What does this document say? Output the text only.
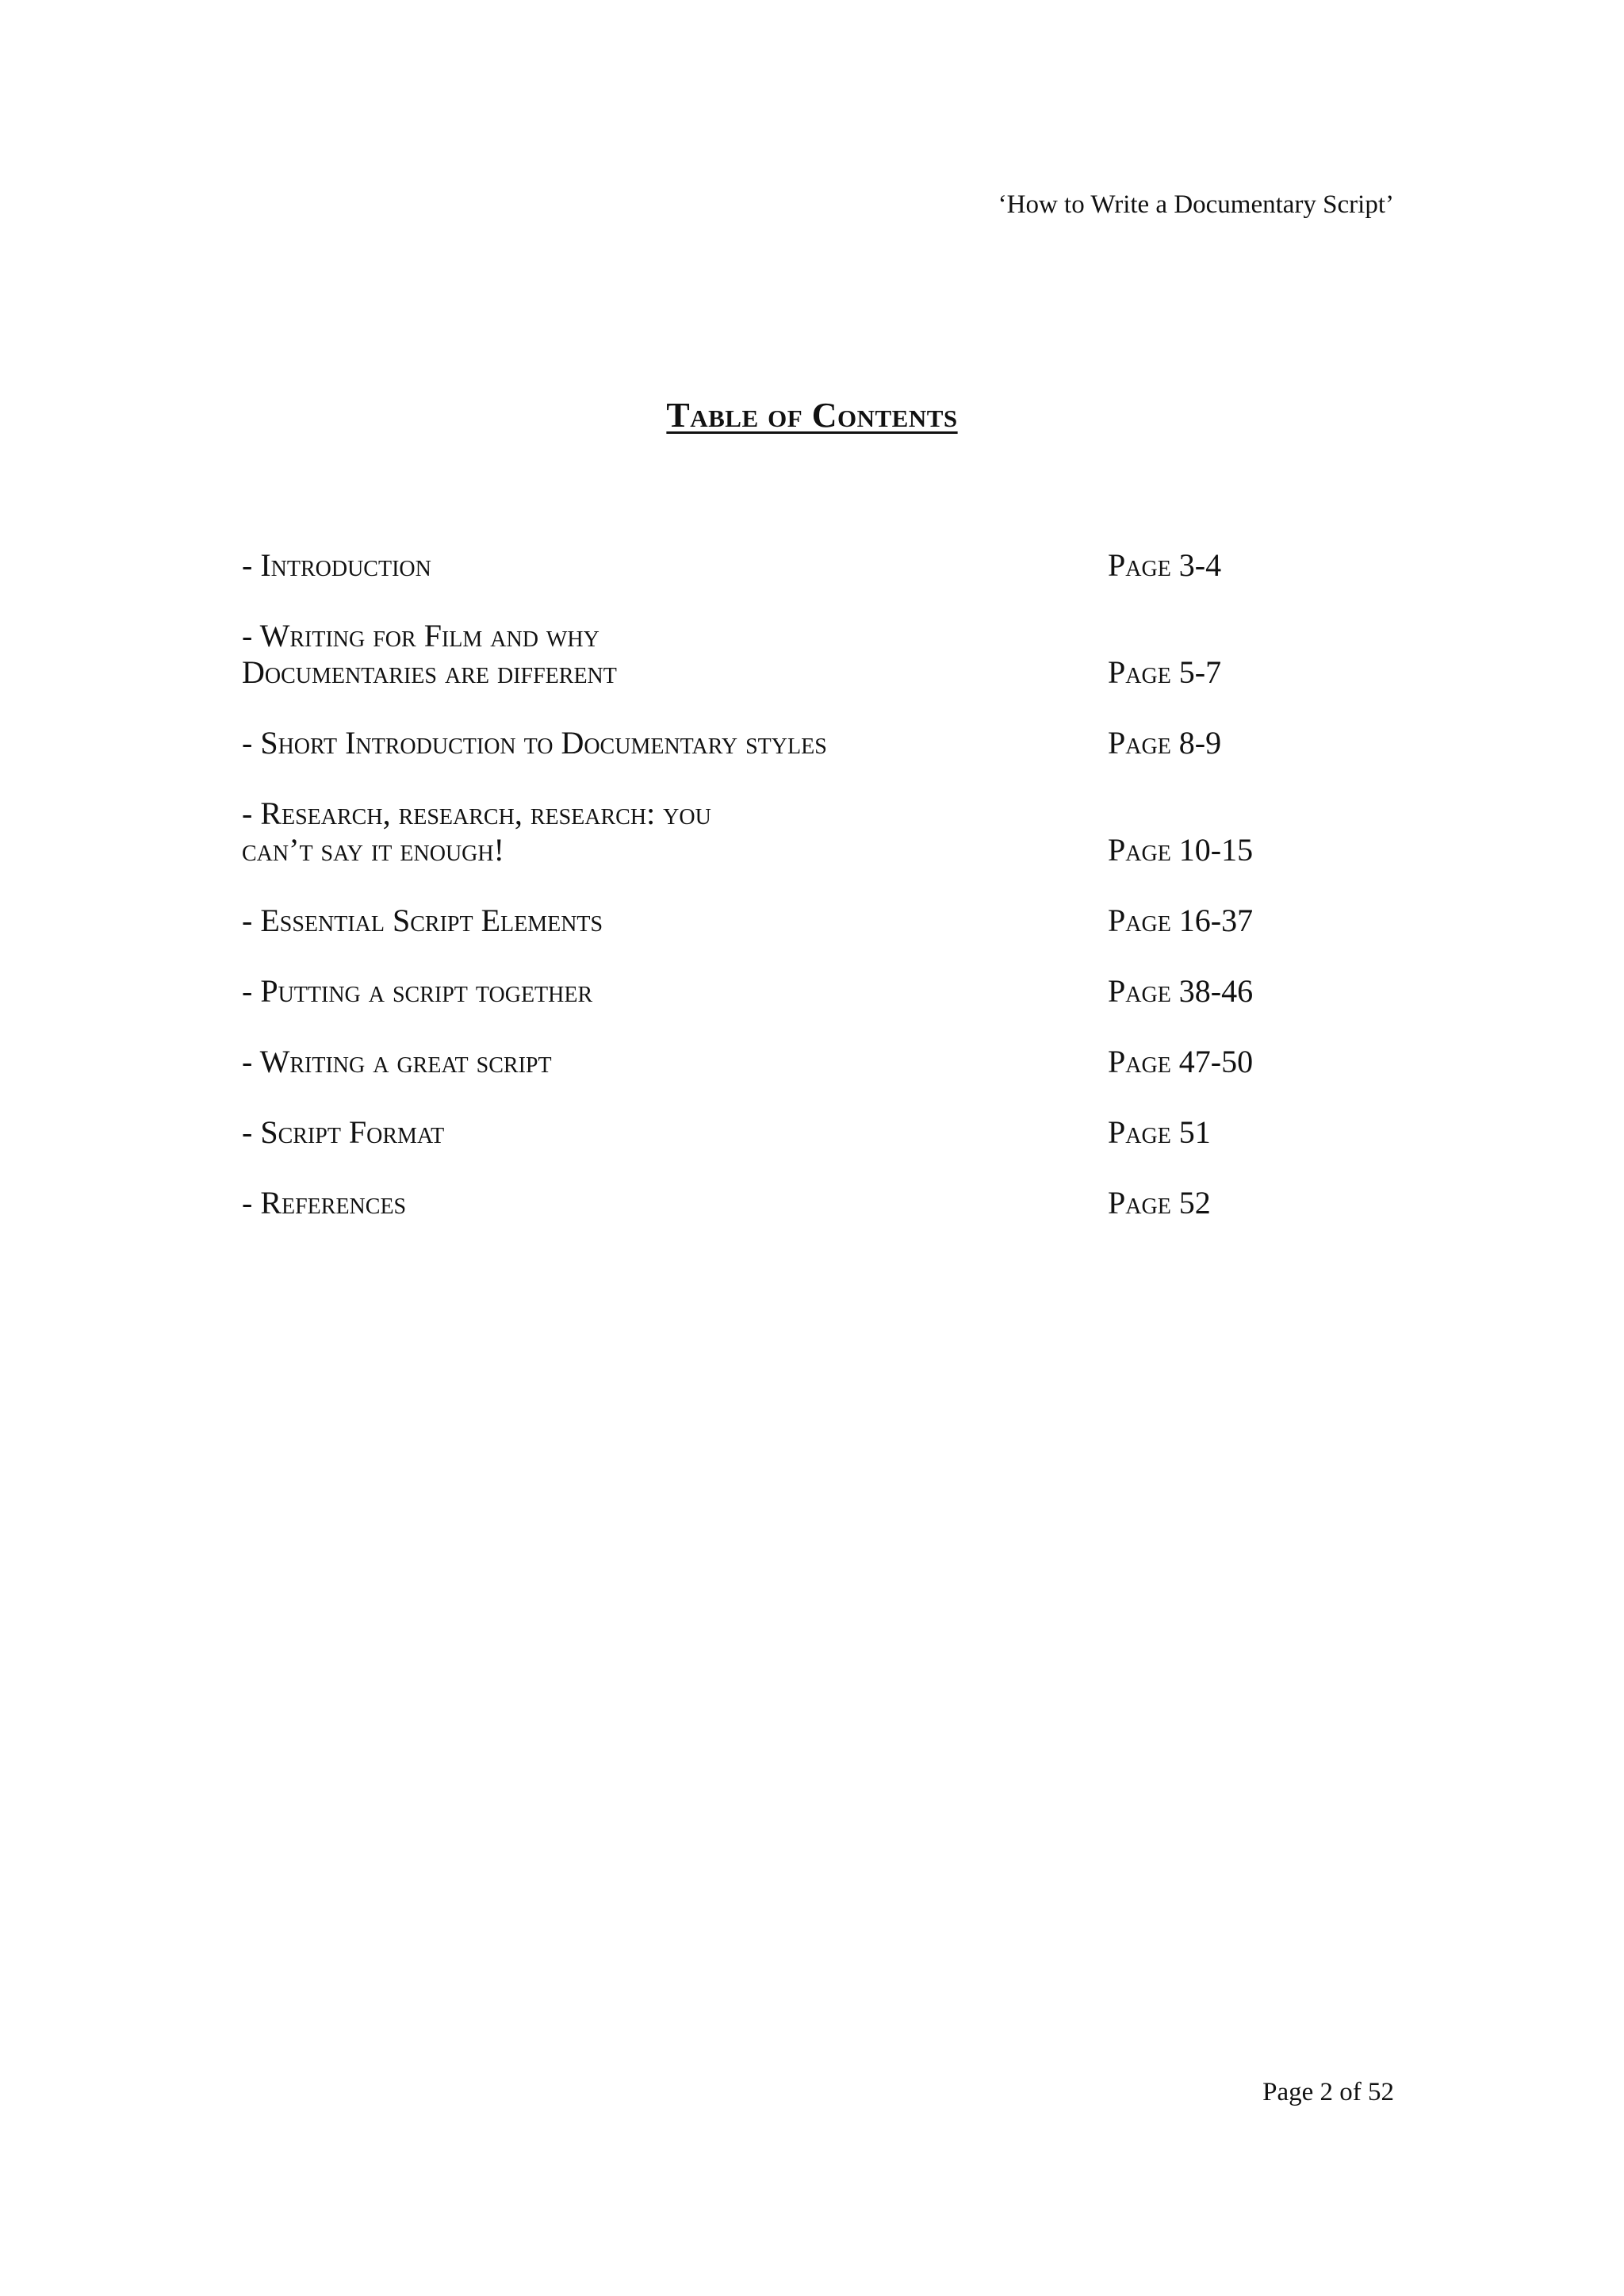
‘How to Write a Documentary Script’
Table of Contents
- Introduction	Page 3-4
- Writing for Film and why
Documentaries are different	Page 5-7
- Short Introduction to Documentary styles	Page 8-9
- Research, research, research: you
can’t say it enough!	Page 10-15
- Essential Script Elements	Page 16-37
- Putting a script together	Page 38-46
- Writing a great script	Page 47-50
- Script Format	Page 51
- References	Page 52
Page 2 of 52
